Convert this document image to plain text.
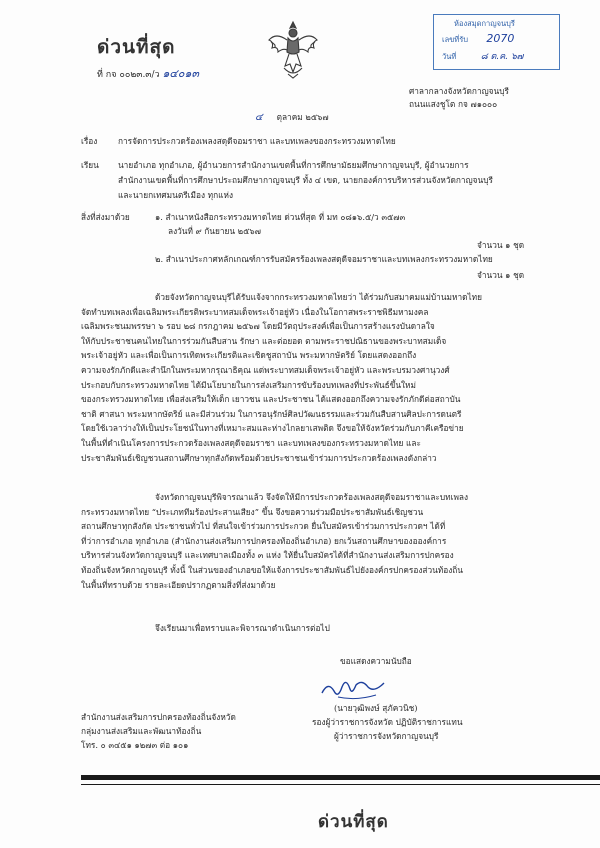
ด่วนที่สุด
ห้องสมุดกาญจนบุรี
เลขที่รับ 2070
วันที่	๘ ต.ค. ๖๗
ที่ กจ ๐๐๒๓.๓/ว ๑๔๐๑๓
ศาลากลางจังหวัดกาญจนบุรี
ถนนแสงชูโต กจ ๗๑๐๐๐
๔ ตุลาคม ๒๕๖๗
เรื่อง การจัดการประกวดร้องเพลงสดุดีจอมราชา และบทเพลงของกระทรวงมหาดไทย
เรียน นายอำเภอ ทุกอำเภอ, ผู้อำนวยการสำนักงานเขตพื้นที่การศึกษามัธยมศึกษากาญจนบุรี, ผู้อำนวยการ
สำนักงานเขตพื้นที่การศึกษาประถมศึกษากาญจนบุรี ทั้ง ๔ เขต, นายกองค์การบริหารส่วนจังหวัดกาญจนบุรี
และนายกเทศมนตรีเมือง ทุกแห่ง
สิ่งที่ส่งมาด้วย	๑. สำเนาหนังสือกระทรวงมหาดไทย ด่วนที่สุด ที่ มท ๐๘๑๖.๕/ว ๓๕๗๓
ลงวันที่ ๙ กันยายน ๒๕๖๗
จำนวน ๑ ชุด
๒. สำเนาประกาศหลักเกณฑ์การรับสมัครร้องเพลงสดุดีจอมราชาและบทเพลงกระทรวงมหาดไทย
จำนวน ๑ ชุด
ด้วยจังหวัดกาญจนบุรีได้รับแจ้งจากกระทรวงมหาดไทยว่า ได้ร่วมกับสมาคมแม่บ้านมหาดไทย
จัดทำบทเพลงเพื่อเฉลิมพระเกียรติพระบาทสมเด็จพระเจ้าอยู่หัว เนื่องในโอกาสพระราชพิธีมหามงคล
เฉลิมพระชนมพรรษา ๖ รอบ ๒๘ กรกฎาคม ๒๕๖๗ โดยมีวัตถุประสงค์เพื่อเป็นการสร้างแรงบันดาลใจ
ให้กับประชาชนคนไทยในการร่วมกันสืบสาน รักษา และต่อยอด ตามพระราชปณิธานของพระบาทสมเด็จ
พระเจ้าอยู่หัว และเพื่อเป็นการเทิดพระเกียรติและเชิดชูสถาบัน พระมหากษัตริย์ โดยแสดงออกถึง
ความจงรักภักดีและสำนึกในพระมหากรุณาธิคุณ แด่พระบาทสมเด็จพระเจ้าอยู่หัว และพระบรมวงศานุวงศ์
ประกอบกับกระทรวงมหาดไทย ได้มีนโยบายในการส่งเสริมการขับร้องบทเพลงที่ประพันธ์ขึ้นใหม่
ของกระทรวงมหาดไทย เพื่อส่งเสริมให้เด็ก เยาวชน และประชาชน ได้แสดงออกถึงความจงรักภักดีต่อสถาบัน
ชาติ ศาสนา พระมหากษัตริย์ และมีส่วนร่วม ในการอนุรักษ์ศิลปวัฒนธรรมและร่วมกันสืบสานศิลปะการดนตรี
โดยใช้เวลาว่างให้เป็นประโยชน์ในทางที่เหมาะสมและห่างไกลยาเสพติด จึงขอให้จังหวัดร่วมกับภาคีเครือข่าย
ในพื้นที่ดำเนินโครงการประกวดร้องเพลงสดุดีจอมราชา และบทเพลงของกระทรวงมหาดไทย และ
ประชาสัมพันธ์เชิญชวนสถานศึกษาทุกสังกัดพร้อมด้วยประชาชนเข้าร่วมการประกวดร้องเพลงดังกล่าว
จังหวัดกาญจนบุรีพิจารณาแล้ว จึงจัดให้มีการประกวดร้องเพลงสดุดีจอมราชาและบทเพลง
กระทรวงมหาดไทย “ประเภททีมร้องประสานเสียง” ขึ้น จึงขอความร่วมมือประชาสัมพันธ์เชิญชวน
สถานศึกษาทุกสังกัด ประชาชนทั่วไป ที่สนใจเข้าร่วมการประกวด ยื่นใบสมัครเข้าร่วมการประกวดฯ ได้ที่
ที่ว่าการอำเภอ ทุกอำเภอ (สำนักงานส่งเสริมการปกครองท้องถิ่นอำเภอ) ยกเว้นสถานศึกษาของอองค์การ
บริหารส่วนจังหวัดกาญจนบุรี และเทศบาลเมืองทั้ง ๓ แห่ง ให้ยื่นใบสมัครได้ที่สำนักงานส่งเสริมการปกครอง
ท้องถิ่นจังหวัดกาญจนบุรี ทั้งนี้ ในส่วนของอำเภอขอให้แจ้งการประชาสัมพันธ์ไปยังองค์กรปกครองส่วนท้องถิ่น
ในพื้นที่ทราบด้วย รายละเอียดปรากฏตามสิ่งที่ส่งมาด้วย
จึงเรียนมาเพื่อทราบและพิจารณาดำเนินการต่อไป
ขอแสดงความนับถือ
(นายวุฒิพงษ์ สุภัควนิช)
รองผู้ว่าราชการจังหวัด ปฏิบัติราชการแทน
ผู้ว่าราชการจังหวัดกาญจนบุรี
สำนักงานส่งเสริมการปกครองท้องถิ่นจังหวัด
กลุ่มงานส่งเสริมและพัฒนาท้องถิ่น
โทร. ๐ ๓๔๕๑ ๑๒๗๓ ต่อ ๑๐๑
ด่วนที่สุด
